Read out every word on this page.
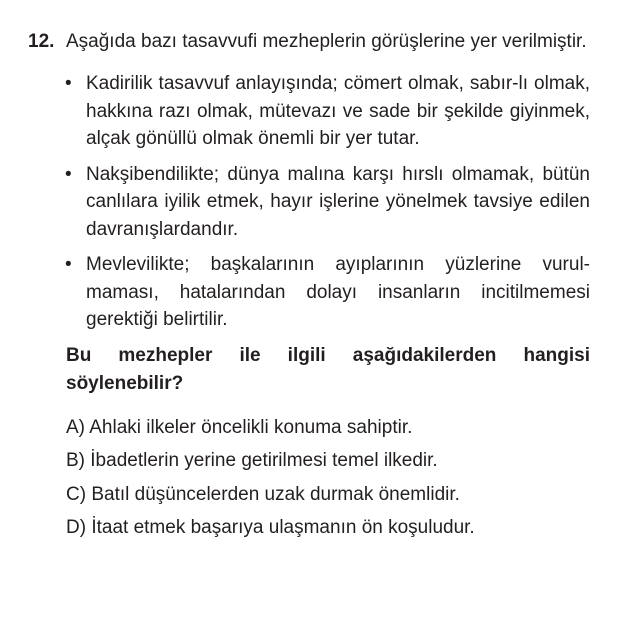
12. Aşağıda bazı tasavvufi mezheplerin görüşlerine yer verilmiştir.
• Kadirilik tasavvuf anlayışında; cömert olmak, sabır-lı olmak, hakkına razı olmak, mütevazı ve sade bir şekilde giyinmek, alçak gönüllü olmak önemli bir yer tutar.
• Nakşibendilikte; dünya malına karşı hırslı olmamak, bütün canlılara iyilik etmek, hayır işlerine yönelmek tavsiye edilen davranışlardandır.
• Mevlevilikte; başkalarının ayıplarının yüzlerine vurul-maması, hatalarından dolayı insanların incitilmemesi gerektiği belirtilir.
Bu mezhepler ile ilgili aşağıdakilerden hangisi
söylenebilir?
A) Ahlaki ilkeler öncelikli konuma sahiptir.
B) İbadetlerin yerine getirilmesi temel ilkedir.
C) Batıl düşüncelerden uzak durmak önemlidir.
D) İtaat etmek başarıya ulaşmanın ön koşuludur.
